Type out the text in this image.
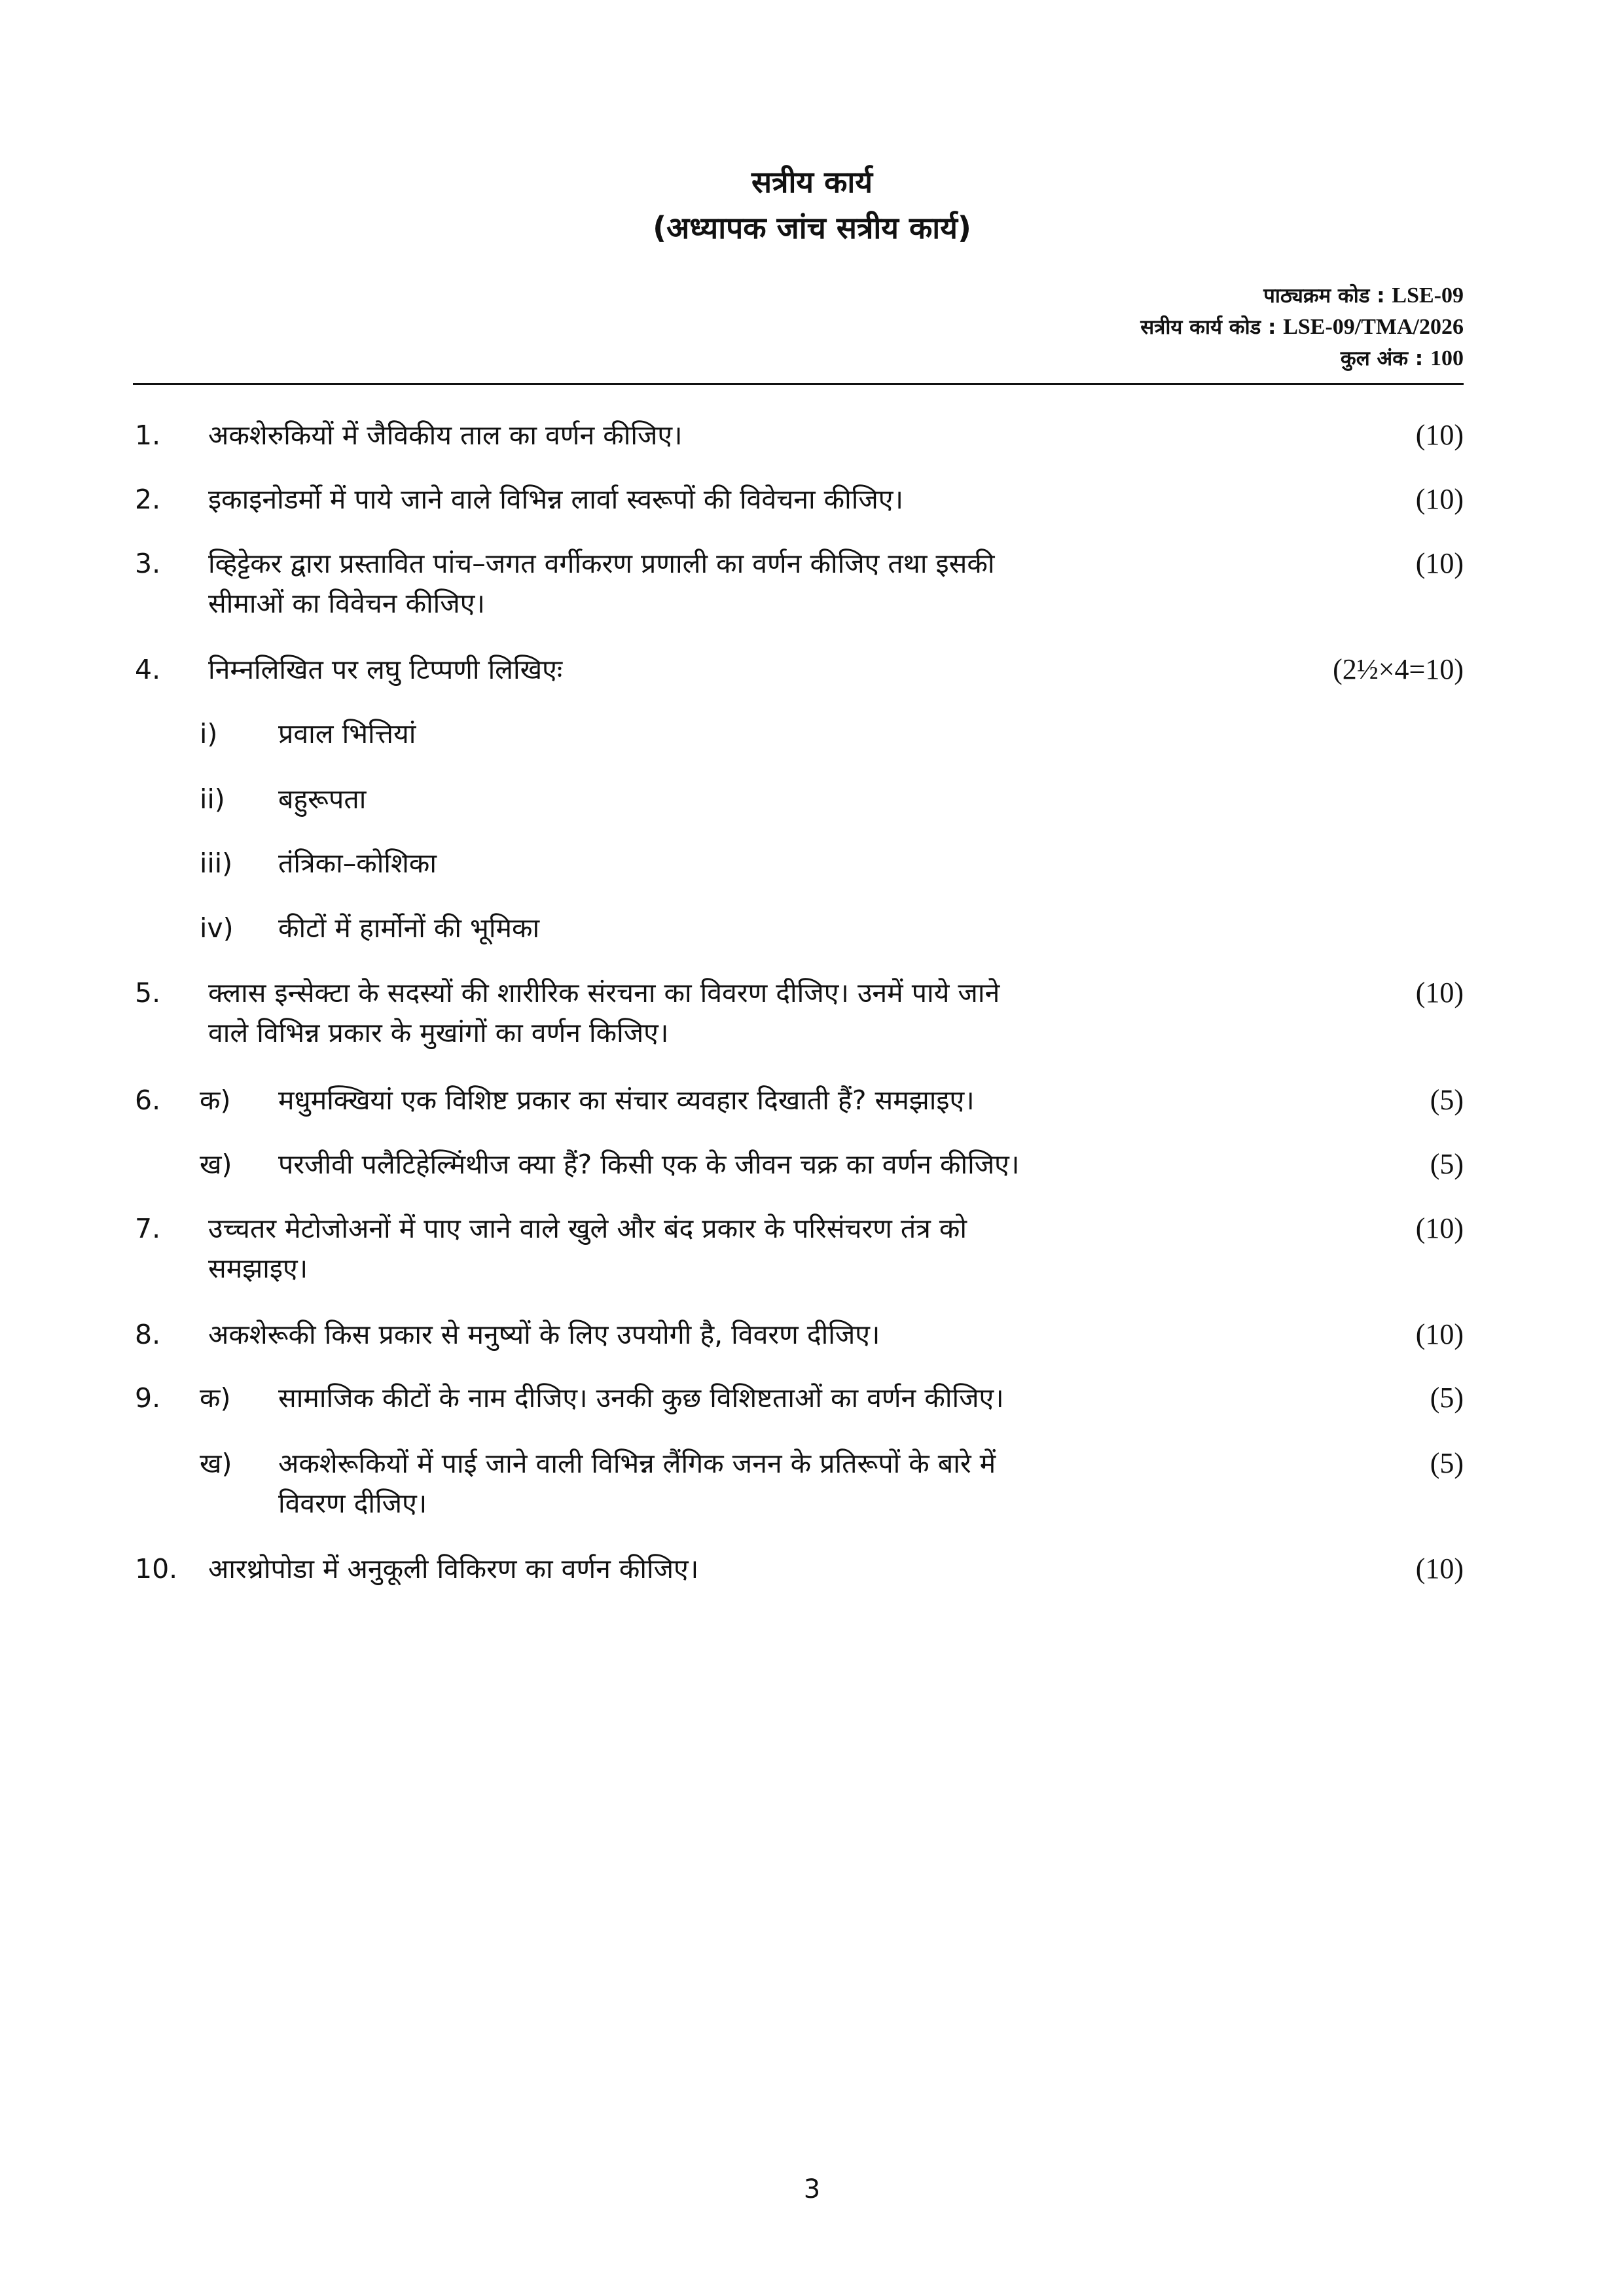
सत्रीय कार्य
(अध्यापक जांच सत्रीय कार्य)
पाठ्यक्रम कोड : LSE-09
सत्रीय कार्य कोड : LSE-09/TMA/2026
कुल अंक : 100
1. अकशेरुकियों में जैविकीय ताल का वर्णन कीजिए।	(10)
2. इकाइनोडर्मो में पाये जाने वाले विभिन्न लार्वा स्वरूपों की विवेचना कीजिए।	(10)
3. व्हिट्टेकर द्वारा प्रस्तावित पांच–जगत वर्गीकरण प्रणाली का वर्णन कीजिए तथा इसकी
सीमाओं का विवेचन कीजिए।
(10)
4. निम्नलिखित पर लघु टिप्पणी लिखिएः	(2½×4=10)
i) प्रवाल भित्तियां
ii) बहुरूपता
iii) तंत्रिका–कोशिका
iv) कीटों में हार्मोनों की भूमिका
5. क्लास इन्सेक्टा के सदस्यों की शारीरिक संरचना का विवरण दीजिए। उनमें पाये जाने
वाले विभिन्न प्रकार के मुखांगों का वर्णन किजिए।
(10)
6. क) मधुमक्खियां एक विशिष्ट प्रकार का संचार व्यवहार दिखाती हैं? समझाइए।	(5)
ख) परजीवी पलैटिहेल्मिंथीज क्या हैं? किसी एक के जीवन चक्र का वर्णन कीजिए।	(5)
7. उच्चतर मेटोजोअनों में पाए जाने वाले खुले और बंद प्रकार के परिसंचरण तंत्र को
समझाइए।
(10)
8. अकशेरूकी किस प्रकार से मनुष्यों के लिए उपयोगी है, विवरण दीजिए।	(10)
9. क) सामाजिक कीटों के नाम दीजिए। उनकी कुछ विशिष्टताओं का वर्णन कीजिए।	(5)
ख) अकशेरूकियों में पाई जाने वाली विभिन्न लैंगिक जनन के प्रतिरूपों के बारे में
विवरण दीजिए।
(5)
10. आरथ्रोपोडा में अनुकूली विकिरण का वर्णन कीजिए।	(10)
3
